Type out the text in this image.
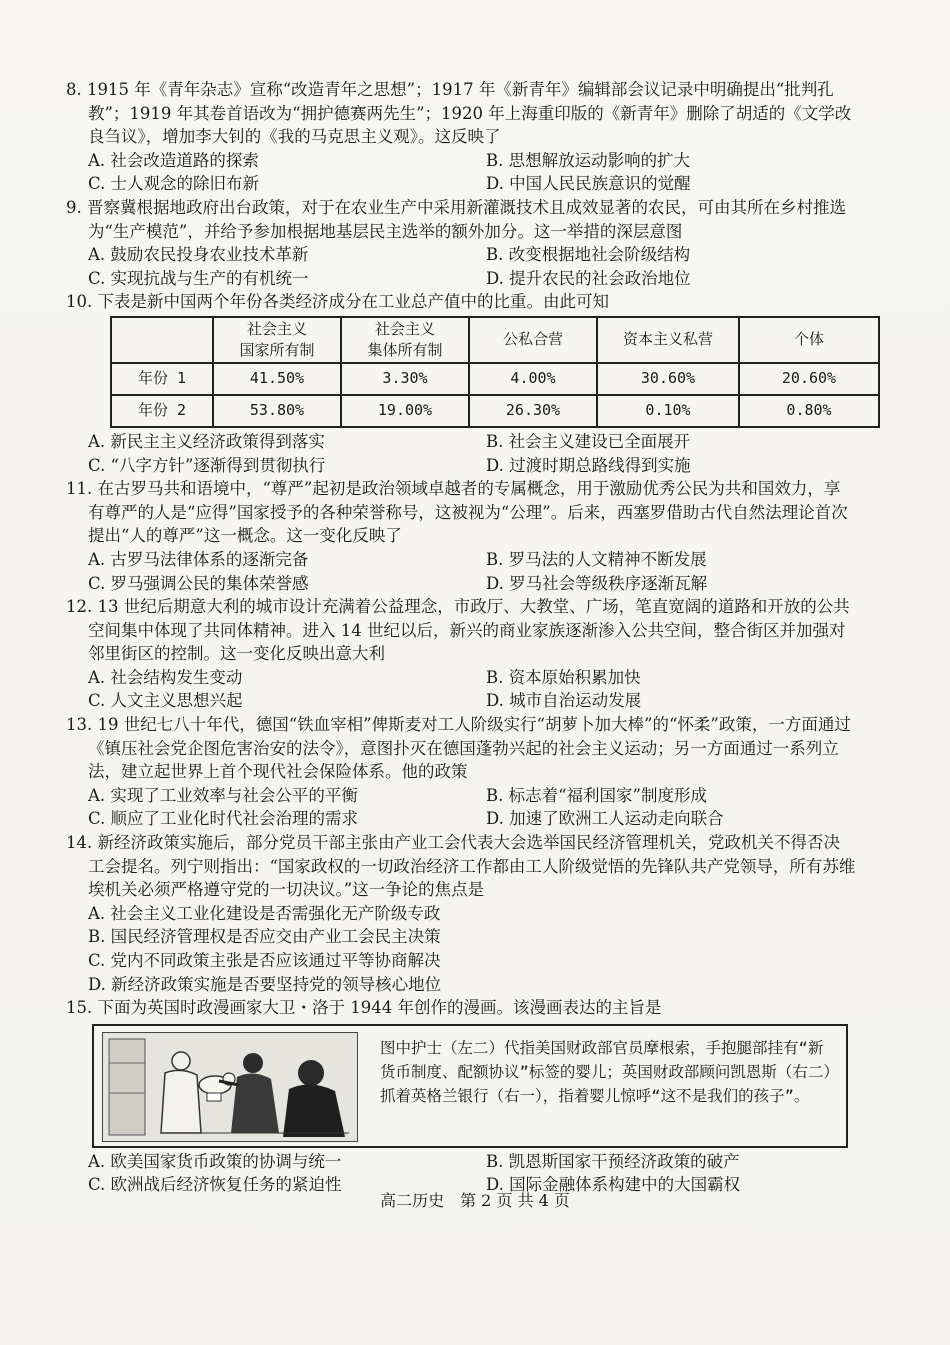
8. 1915 年《青年杂志》宣称“改造青年之思想”；1917 年《新青年》编辑部会议记录中明确提出“批判孔教”；1919 年其卷首语改为“拥护德赛两先生”；1920 年上海重印版的《新青年》删除了胡适的《文学改良刍议》，增加李大钊的《我的马克思主义观》。这反映了

A. 社会改造道路的探索	B. 思想解放运动影响的扩大
C. 士人观念的除旧布新	D. 中国人民民族意识的觉醒

9. 晋察冀根据地政府出台政策，对于在农业生产中采用新灌溉技术且成效显著的农民，可由其所在乡村推选为“生产模范”，并给予参加根据地基层民主选举的额外加分。这一举措的深层意图

A. 鼓励农民投身农业技术革新	B. 改变根据地社会阶级结构
C. 实现抗战与生产的有机统一	D. 提升农民的社会政治地位

10. 下表是新中国两个年份各类经济成分在工业总产值中的比重。由此可知

	社会主义
国家所有制	社会主义
集体所有制	公私合营	资本主义私营	个体
年份 1	41.50%	3.30%	4.00%	30.60%	20.60%
年份 2	53.80%	19.00%	26.30%	0.10%	0.80%
A. 新民主主义经济政策得到落实	B. 社会主义建设已全面展开
C. “八字方针”逐渐得到贯彻执行	D. 过渡时期总路线得到实施

11. 在古罗马共和语境中，“尊严”起初是政治领域卓越者的专属概念，用于激励优秀公民为共和国效力，享有尊严的人是“应得”国家授予的各种荣誉称号，这被视为“公理”。后来，西塞罗借助古代自然法理论首次提出“人的尊严”这一概念。这一变化反映了

A. 古罗马法律体系的逐渐完备	B. 罗马法的人文精神不断发展
C. 罗马强调公民的集体荣誉感	D. 罗马社会等级秩序逐渐瓦解

12. 13 世纪后期意大利的城市设计充满着公益理念，市政厅、大教堂、广场，笔直宽阔的道路和开放的公共空间集中体现了共同体精神。进入 14 世纪以后，新兴的商业家族逐渐渗入公共空间，整合街区并加强对邻里街区的控制。这一变化反映出意大利

A. 社会结构发生变动	B. 资本原始积累加快
C. 人文主义思想兴起	D. 城市自治运动发展

13. 19 世纪七八十年代，德国“铁血宰相”俾斯麦对工人阶级实行“胡萝卜加大棒”的“怀柔”政策，一方面通过《镇压社会党企图危害治安的法令》，意图扑灭在德国蓬勃兴起的社会主义运动；另一方面通过一系列立法，建立起世界上首个现代社会保险体系。他的政策

A. 实现了工业效率与社会公平的平衡	B. 标志着“福利国家”制度形成
C. 顺应了工业化时代社会治理的需求	D. 加速了欧洲工人运动走向联合

14. 新经济政策实施后，部分党员干部主张由产业工会代表大会选举国民经济管理机关，党政机关不得否决工会提名。列宁则指出：“国家政权的一切政治经济工作都由工人阶级觉悟的先锋队共产党领导，所有苏维埃机关必须严格遵守党的一切决议。”这一争论的焦点是

A. 社会主义工业化建设是否需强化无产阶级专政
B. 国民经济管理权是否应交由产业工会民主决策
C. 党内不同政策主张是否应该通过平等协商解决
D. 新经济政策实施是否要坚持党的领导核心地位

15. 下面为英国时政漫画家大卫・洛于 1944 年创作的漫画。该漫画表达的主旨是

图中护士（左二）代指美国财政部官员摩根索，手抱腿部挂有“新货币制度、配额协议”标签的婴儿；英国财政部顾问凯恩斯（右二）抓着英格兰银行（右一），指着婴儿惊呼“这不是我们的孩子”。
A. 欧美国家货币政策的协调与统一	B. 凯恩斯国家干预经济政策的破产
C. 欧洲战后经济恢复任务的紧迫性	D. 国际金融体系构建中的大国霸权
高二历史　第 2 页 共 4 页
